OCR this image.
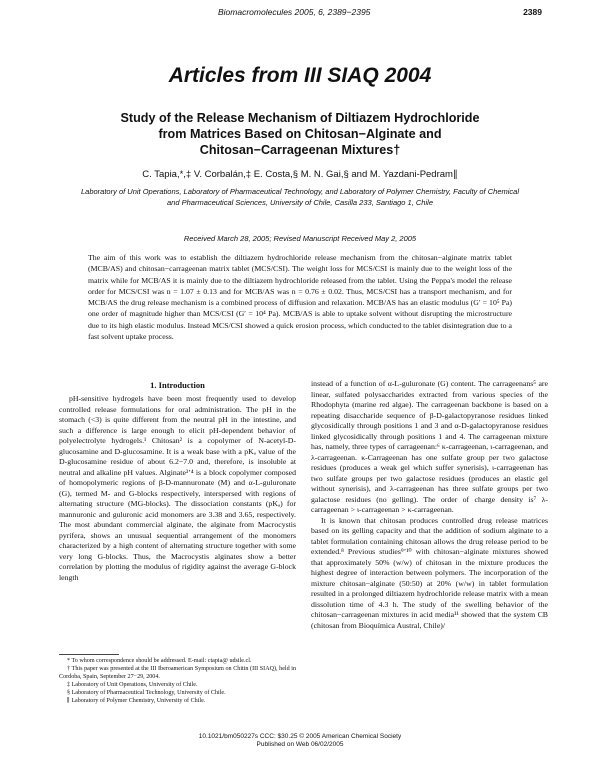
Biomacromolecules 2005, 6, 2389−2395	2389
Articles from III SIAQ 2004
Study of the Release Mechanism of Diltiazem Hydrochloride from Matrices Based on Chitosan−Alginate and Chitosan−Carrageenan Mixtures†
C. Tapia,*,‡ V. Corbalán,‡ E. Costa,§ M. N. Gai,§ and M. Yazdani-Pedram∥
Laboratory of Unit Operations, Laboratory of Pharmaceutical Technology, and Laboratory of Polymer Chemistry, Faculty of Chemical and Pharmaceutical Sciences, University of Chile, Casilla 233, Santiago 1, Chile
Received March 28, 2005; Revised Manuscript Received May 2, 2005
The aim of this work was to establish the diltiazem hydrochloride release mechanism from the chitosan−alginate matrix tablet (MCB/AS) and chitosan−carrageenan matrix tablet (MCS/CSI). The weight loss for MCS/CSI is mainly due to the weight loss of the matrix while for MCB/AS it is mainly due to the diltiazem hydrochloride released from the tablet. Using the Peppa's model the release order for MCS/CSI was n = 1.07 ± 0.13 and for MCB/AS was n = 0.76 ± 0.02. Thus, MCS/CSI has a transport mechanism, and for MCB/AS the drug release mechanism is a combined process of diffusion and relaxation. MCB/AS has an elastic modulus (G′ = 10⁵ Pa) one order of magnitude higher than MCS/CSI (G′ = 10⁴ Pa). MCB/AS is able to uptake solvent without disrupting the microstructure due to its high elastic modulus. Instead MCS/CSI showed a quick erosion process, which conducted to the tablet disintegration due to a fast solvent uptake process.
1. Introduction

pH-sensitive hydrogels have been most frequently used to develop controlled release formulations for oral administration. The pH in the stomach (<3) is quite different from the neutral pH in the intestine, and such a difference is large enough to elicit pH-dependent behavior of polyelectrolyte hydrogels.¹ Chitosan² is a copolymer of N-acetyl-D-glucosamine and D-glucosamine. It is a weak base with a pKₐ value of the D-glucosamine residue of about 6.2−7.0 and, therefore, is insoluble at neutral and alkaline pH values. Alginate³ʼ⁴ is a block copolymer composed of homopolymeric regions of β-D-mannuronate (M) and α-L-guluronate (G), termed M- and G-blocks respectively, interspersed with regions of alternating structure (MG-blocks). The dissociation constants (pKₐ) for mannuronic and guluronic acid monomers are 3.38 and 3.65, respectively. The most abundant commercial alginate, the alginate from Macrocystis pyrifera, shows an unusual sequential arrangement of the monomers characterized by a high content of alternating structure together with some very long G-blocks. Thus, the Macrocystis alginates show a better correlation by plotting the modulus of rigidity against the average G-block length

instead of a function of α-L-guluronate (G) content. The carrageenans⁵ are linear, sulfated polysaccharides extracted from various species of the Rhodophyta (marine red algae). The carrageenan backbone is based on a repeating disaccharide sequence of β-D-galactopyranose residues linked glycosidically through positions 1 and 3 and α-D-galactopyranose residues linked glycosidically through positions 1 and 4. The carrageenan mixture has, namely, three types of carrageenan:⁶ κ-carrageenan, ι-carrageenan, and λ-carrageenan. κ-Carrageenan has one sulfate group per two galactose residues (produces a weak gel which suffer synerisis), ι-carrageenan has two sulfate groups per two galactose residues (produces an elastic gel without synerisis), and λ-carrageenan has three sulfate groups per two galactose residues (no gelling). The order of charge density is⁷ λ-carrageenan > ι-carrageenan > κ-carrageenan.

It is known that chitosan produces controlled drug release matrices based on its gelling capacity and that the addition of sodium alginate to a tablet formulation containing chitosan allows the drug release period to be extended.⁸ Previous studies⁹ʼ¹⁰ with chitosan−alginate mixtures showed that approximately 50% (w/w) of chitosan in the mixture produces the highest degree of interaction between polymers. The incorporation of the mixture chitosan−alginate (50:50) at 20% (w/w) in tablet formulation resulted in a prolonged diltiazem hydrochloride release matrix with a mean dissolution time of 4.3 h. The study of the swelling behavior of the chitosan−carrageenan mixtures in acid media¹¹ showed that the system CB (chitosan from Bioquímica Austral, Chile)/

* To whom correspondence should be addressed. E-mail: ctapia@ udsile.cl.
† This paper was presented at the III Iberoamerican Symposium on Chitin (III SIAQ), held in Cordoba, Spain, September 27−29, 2004.
‡ Laboratory of Unit Operations, University of Chile.
§ Laboratory of Pharmaceutical Technology, University of Chile.
∥ Laboratory of Polymer Chemistry, University of Chile.
10.1021/bm050227s CCC: $30.25 © 2005 American Chemical Society
Published on Web 06/02/2005
